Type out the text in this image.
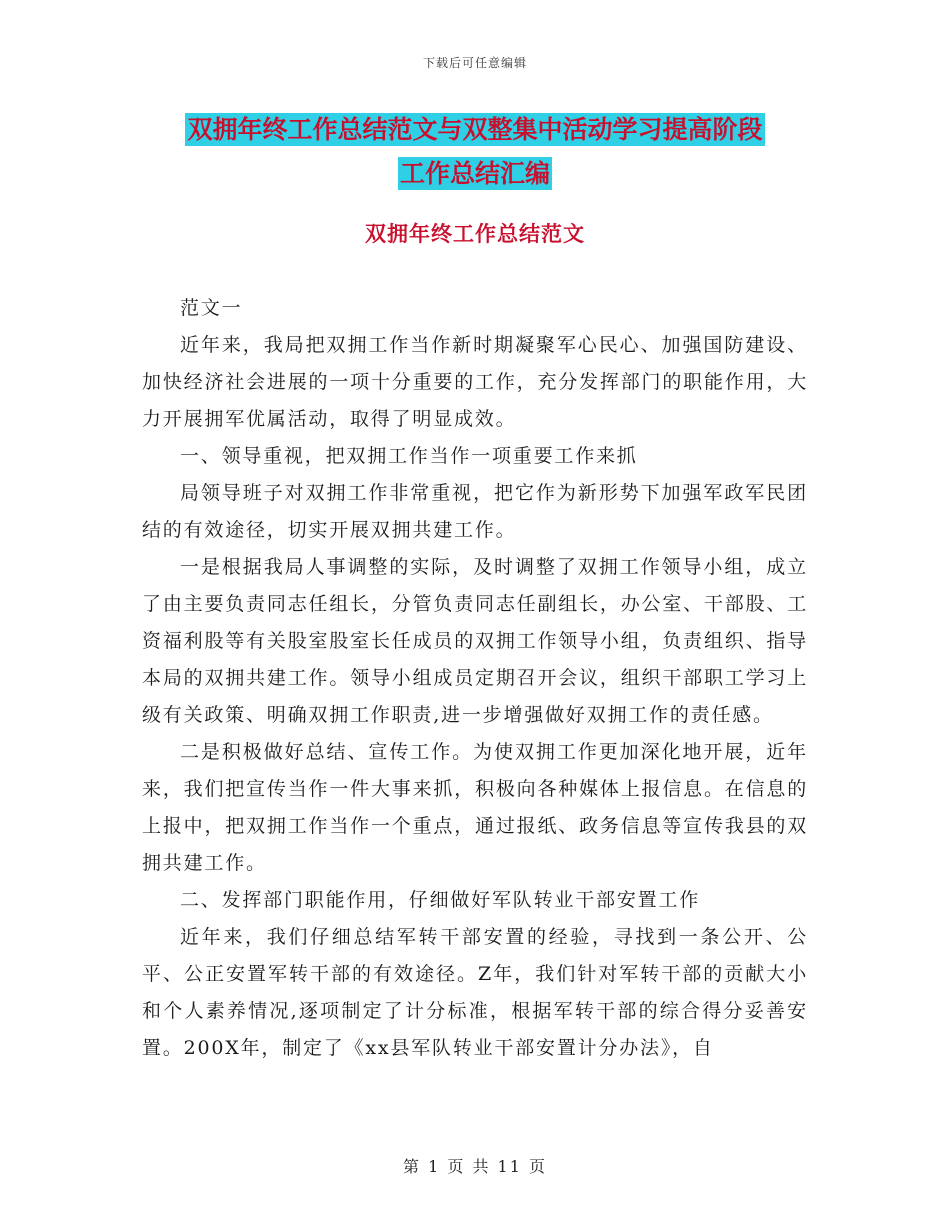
下载后可任意编辑
双拥年终工作总结范文与双整集中活动学习提高阶段
工作总结汇编
双拥年终工作总结范文

范文一

近年来，我局把双拥工作当作新时期凝聚军心民心、加强国防建设、加快经济社会进展的一项十分重要的工作，充分发挥部门的职能作用，大力开展拥军优属活动，取得了明显成效。

一、领导重视，把双拥工作当作一项重要工作来抓

局领导班子对双拥工作非常重视，把它作为新形势下加强军政军民团结的有效途径，切实开展双拥共建工作。

一是根据我局人事调整的实际，及时调整了双拥工作领导小组，成立了由主要负责同志任组长，分管负责同志任副组长，办公室、干部股、工资福利股等有关股室股室长任成员的双拥工作领导小组，负责组织、指导本局的双拥共建工作。领导小组成员定期召开会议，组织干部职工学习上级有关政策、明确双拥工作职责,进一步增强做好双拥工作的责任感。

二是积极做好总结、宣传工作。为使双拥工作更加深化地开展，近年来，我们把宣传当作一件大事来抓，积极向各种媒体上报信息。在信息的上报中，把双拥工作当作一个重点，通过报纸、政务信息等宣传我县的双拥共建工作。

二、发挥部门职能作用，仔细做好军队转业干部安置工作

近年来，我们仔细总结军转干部安置的经验，寻找到一条公开、公平、公正安置军转干部的有效途径。Z年，我们针对军转干部的贡献大小和个人素养情况,逐项制定了计分标准，根据军转干部的综合得分妥善安置。200X年，制定了《xx县军队转业干部安置计分办法》，自

第 1 页 共 11 页
